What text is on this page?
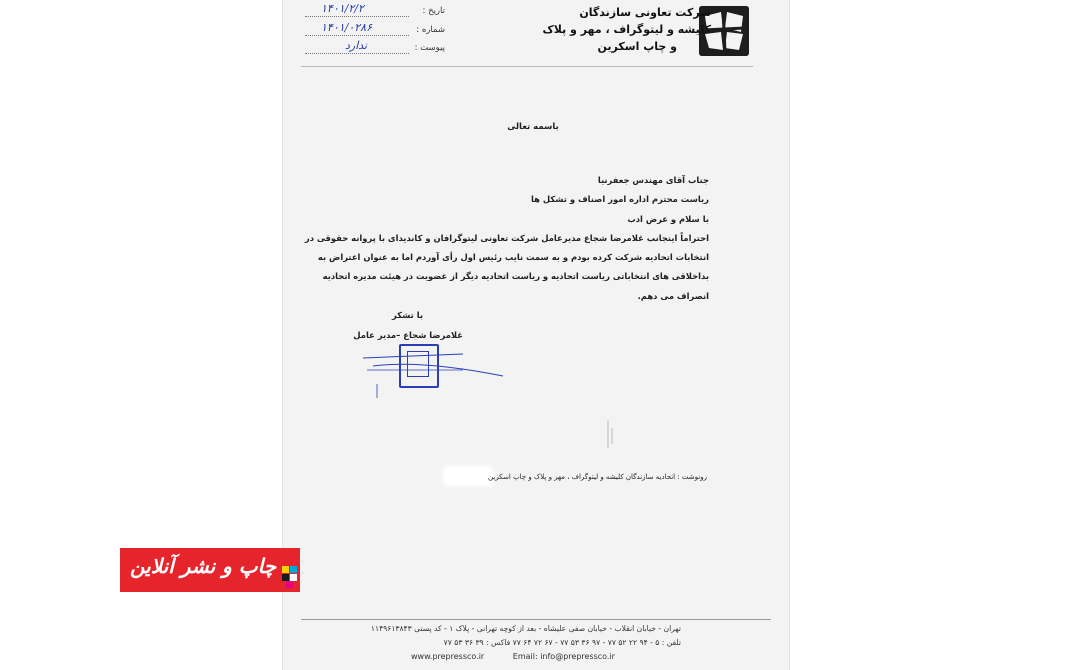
شرکت تعاونی سازندگان
کلیشه و لیتوگراف ، مهر و پلاک
و چاپ اسکرین
تاریخ :
۱۴۰۱/۲/۲
شماره :
۱۴۰۱/۰۲۸۶
پیوست :
ندارد
باسمه تعالی
جناب آقای مهندس جعفرنیا
ریاست محترم اداره امور اصناف و تشکل ها
با سلام و عرض ادب
احتراماً اینجانب غلامرضا شجاع مدیرعامل شرکت تعاونی لیتوگرافان و کاندیدای با پروانه حقوقی در
انتخابات اتحادیه شرکت کرده بودم و به سمت نایب رئیس اول رأی آوردم اما به عنوان اعتراض به
بداخلاقی های انتخاباتی ریاست اتحادیه و ریاست اتحادیه دیگر از عضویت در هیئت مدیره اتحادیه
انصراف می دهم.
با تشکر
غلامرضا شجاع –مدیر عامل
رونوشت : اتحادیه سازندگان کلیشه و لیتوگراف ، مهر و پلاک و چاپ اسکرین
تهران - خیابان انقلاب - خیابان صفی علیشاه - بعد از کوچه تهرانی - پلاک ۱ - کد پستی ۱۱۴۹۶۱۳۸۴۳
تلفن : ۵ - ۹۴ ۲۲ ۵۲ ۷۷ - ۹۷ ۳۶ ۵۳ ۷۷ - ۶۷ ۷۲ ۶۴ ۷۷ فاکس : ۳۹ ۳۶ ۵۳ ۷۷
www.prepressco.ir	Email: info@prepressco.ir
چاپ و نشر آنلاین
